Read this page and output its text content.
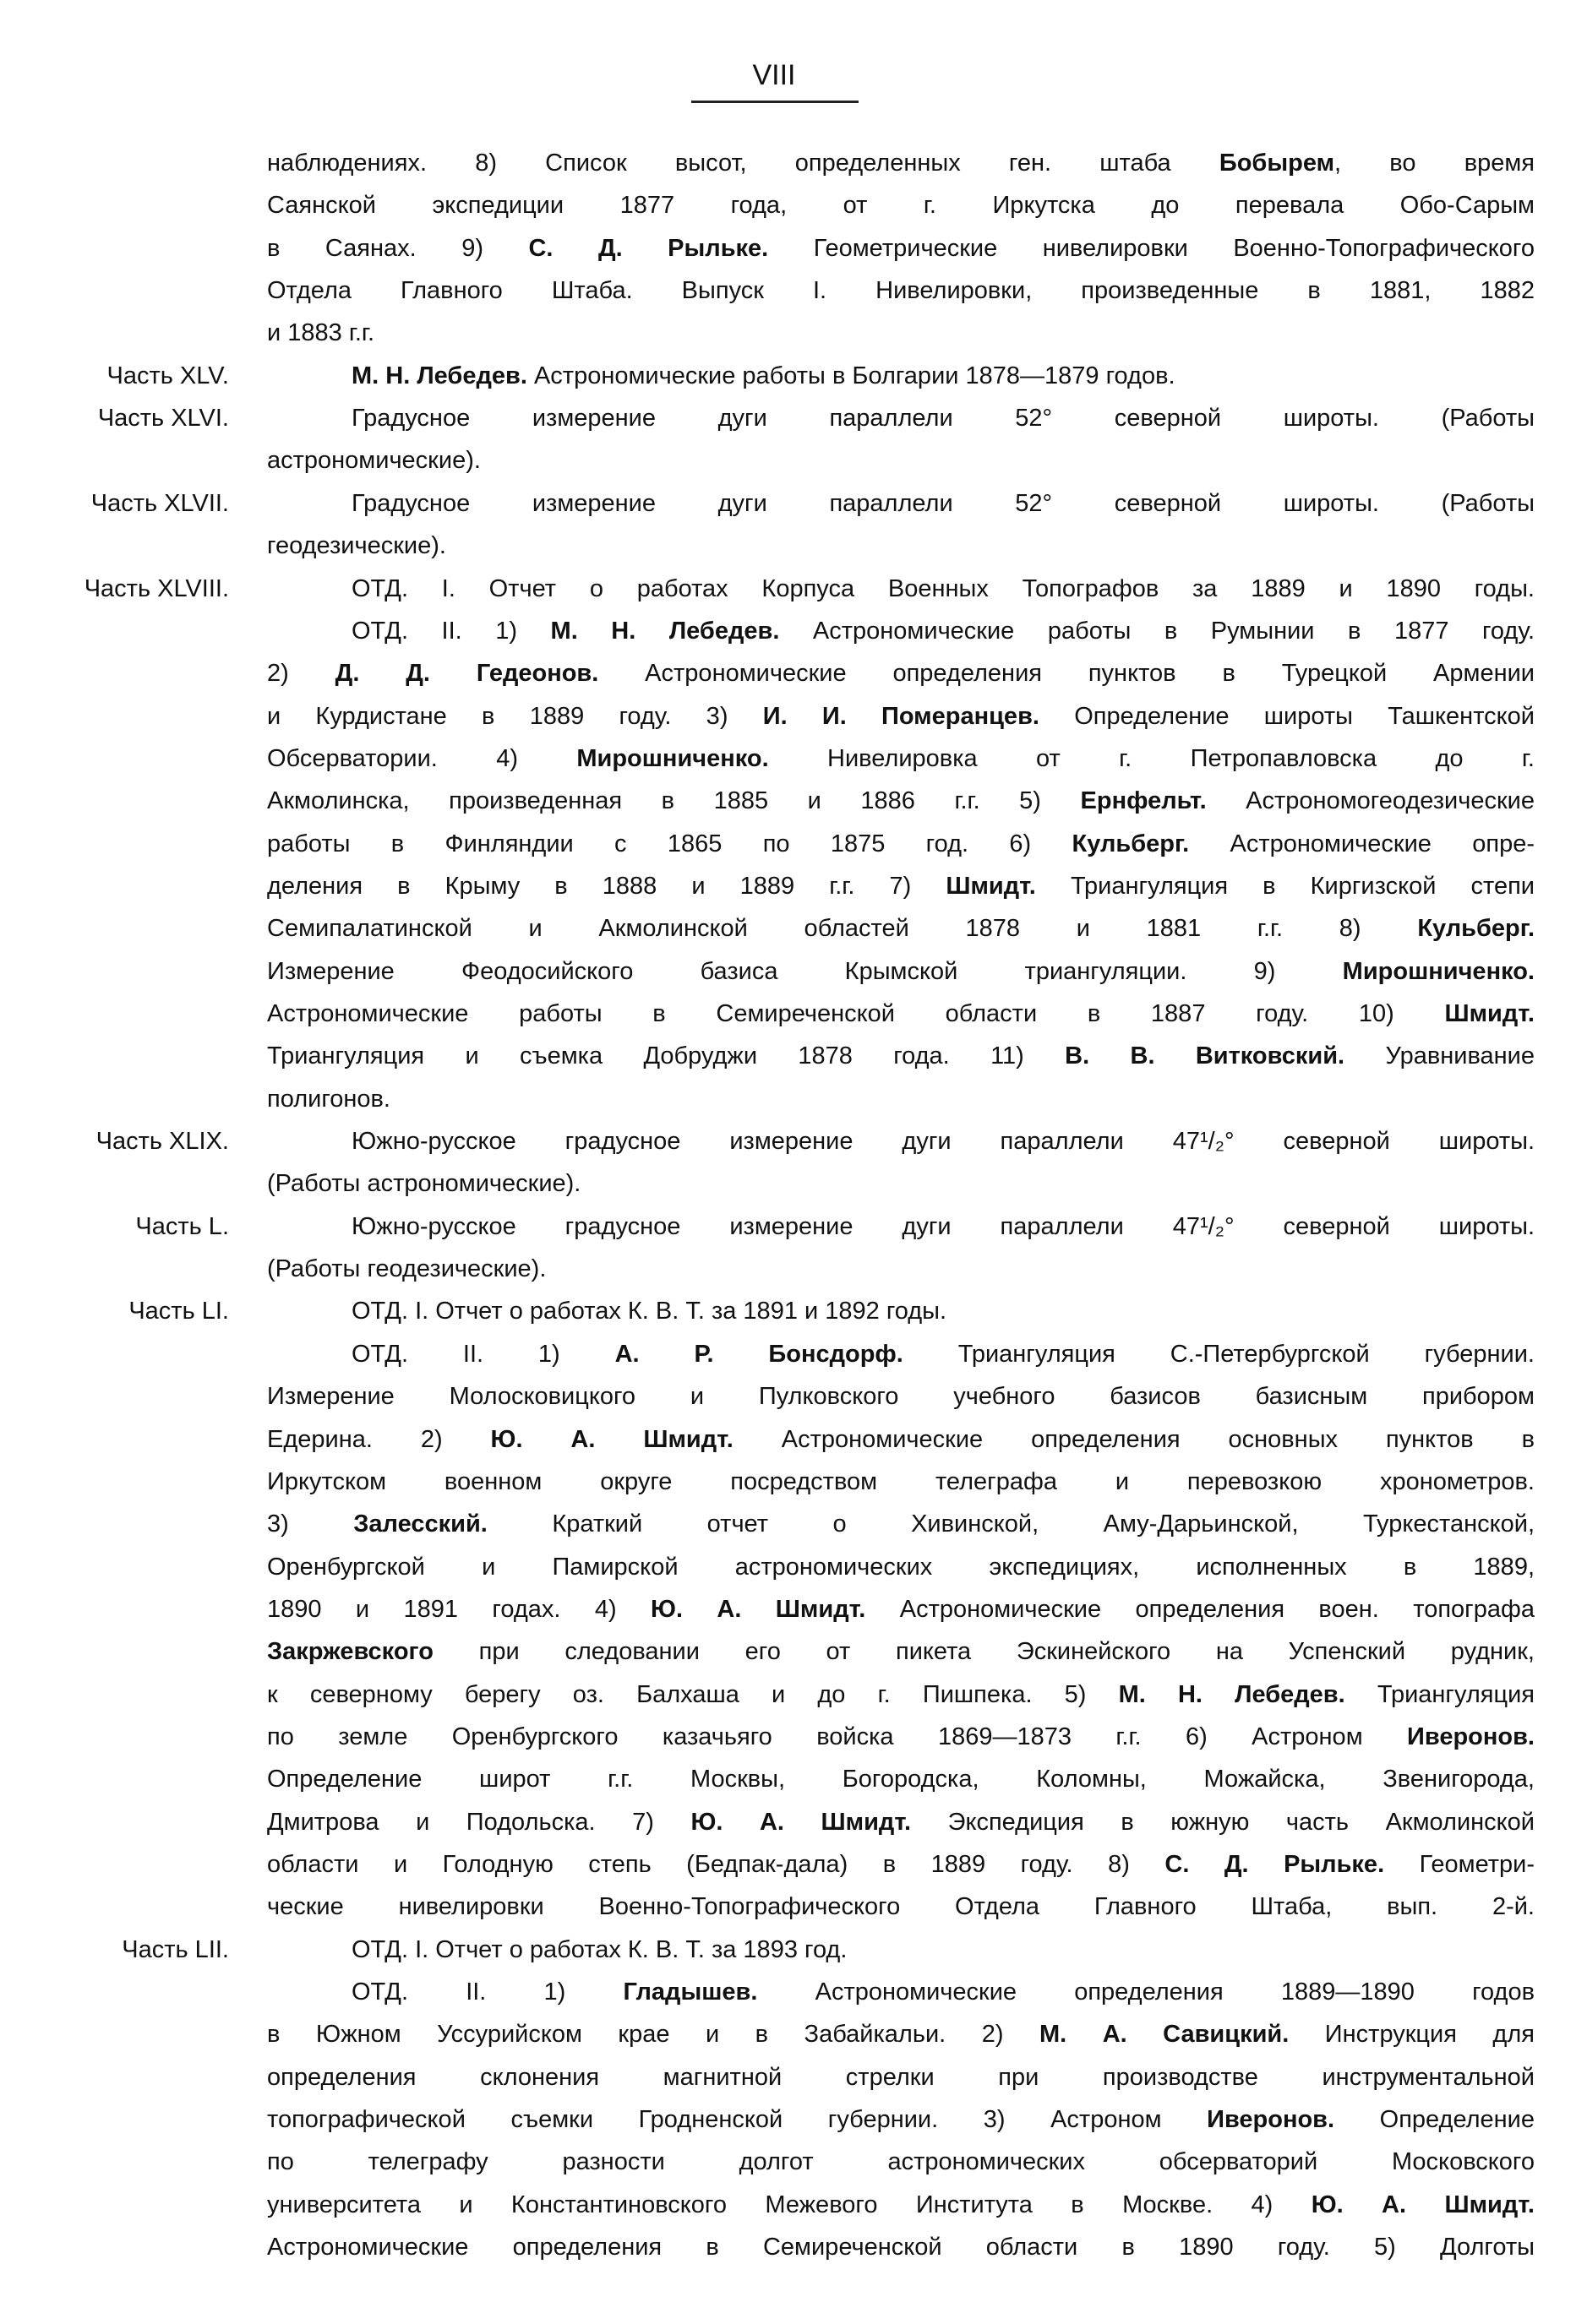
VIII
наблюдениях. 8) Список высот, определенных ген. штаба Бобырем, во время
Саянской экспедиции 1877 года, от г. Иркутска до перевала Обо-Сарым
в Саянах. 9) С. Д. Рыльке. Геометрические нивелировки Военно-Топографического
Отдела Главного Штаба. Выпуск I. Нивелировки, произведенные в 1881, 1882
и 1883 г.г.
Часть XLV.	М. Н. Лебедев. Астрономические работы в Болгарии 1878—1879 годов.
Часть XLVI.	Градусное измерение дуги параллели 52° северной широты. (Работы
астрономические).
Часть XLVII.	Градусное измерение дуги параллели 52° северной широты. (Работы
геодезические).
Часть XLVIII.	ОТД. I. Отчет о работах Корпуса Военных Топографов за 1889 и 1890 годы.
ОТД. II. 1) М. Н. Лебедев. Астрономические работы в Румынии в 1877 году.
2) Д. Д. Гедеонов. Астрономические определения пунктов в Турецкой Армении
и Курдистане в 1889 году. 3) И. И. Померанцев. Определение широты Ташкентской
Обсерватории. 4) Мирошниченко. Нивелировка от г. Петропавловска до г.
Акмолинска, произведенная в 1885 и 1886 г.г. 5) Ернфельт. Астрономогеодезические
работы в Финляндии с 1865 по 1875 год. 6) Кульберг. Астрономические опре-
деления в Крыму в 1888 и 1889 г.г. 7) Шмидт. Триангуляция в Киргизской степи
Семипалатинской и Акмолинской областей 1878 и 1881 г.г. 8) Кульберг.
Измерение Феодосийского базиса Крымской триангуляции. 9) Мирошниченко.
Астрономические работы в Семиреченской области в 1887 году. 10) Шмидт.
Триангуляция и съемка Добруджи 1878 года. 11) В. В. Витковский. Уравнивание
полигонов.
Часть XLIX.	Южно-русское градусное измерение дуги параллели 47¹/₂° северной широты.
(Работы астрономические).
Часть L.	Южно-русское градусное измерение дуги параллели 47¹/₂° северной широты.
(Работы геодезические).
Часть LI.	ОТД. I. Отчет о работах К. В. Т. за 1891 и 1892 годы.
ОТД. II. 1) А. Р. Бонсдорф. Триангуляция С.-Петербургской губернии.
Измерение Молосковицкого и Пулковского учебного базисов базисным прибором
Едерина. 2) Ю. А. Шмидт. Астрономические определения основных пунктов в
Иркутском военном округе посредством телеграфа и перевозкою хронометров.
3) Залесский. Краткий отчет о Хивинской, Аму-Дарьинской, Туркестанской,
Оренбургской и Памирской астрономических экспедициях, исполненных в 1889,
1890 и 1891 годах. 4) Ю. А. Шмидт. Астрономические определения воен. топографа
Закржевского при следовании его от пикета Эскинейского на Успенский рудник,
к северному берегу оз. Балхаша и до г. Пишпека. 5) М. Н. Лебедев. Триангуляция
по земле Оренбургского казачьяго войска 1869—1873 г.г. 6) Астроном Иверонов.
Определение широт г.г. Москвы, Богородска, Коломны, Можайска, Звенигорода,
Дмитрова и Подольска. 7) Ю. А. Шмидт. Экспедиция в южную часть Акмолинской
области и Голодную степь (Бедпак-дала) в 1889 году. 8) С. Д. Рыльке. Геометри-
ческие нивелировки Военно-Топографического Отдела Главного Штаба, вып. 2-й.
Часть LII.	ОТД. I. Отчет о работах К. В. Т. за 1893 год.
ОТД. II. 1) Гладышев. Астрономические определения 1889—1890 годов
в Южном Уссурийском крае и в Забайкальи. 2) М. А. Савицкий. Инструкция для
определения склонения магнитной стрелки при производстве инструментальной
топографической съемки Гродненской губернии. 3) Астроном Иверонов. Определение
по телеграфу разности долгот астрономических обсерваторий Московского
университета и Константиновского Межевого Института в Москве. 4) Ю. А. Шмидт.
Астрономические определения в Семиреченской области в 1890 году. 5) Долготы
